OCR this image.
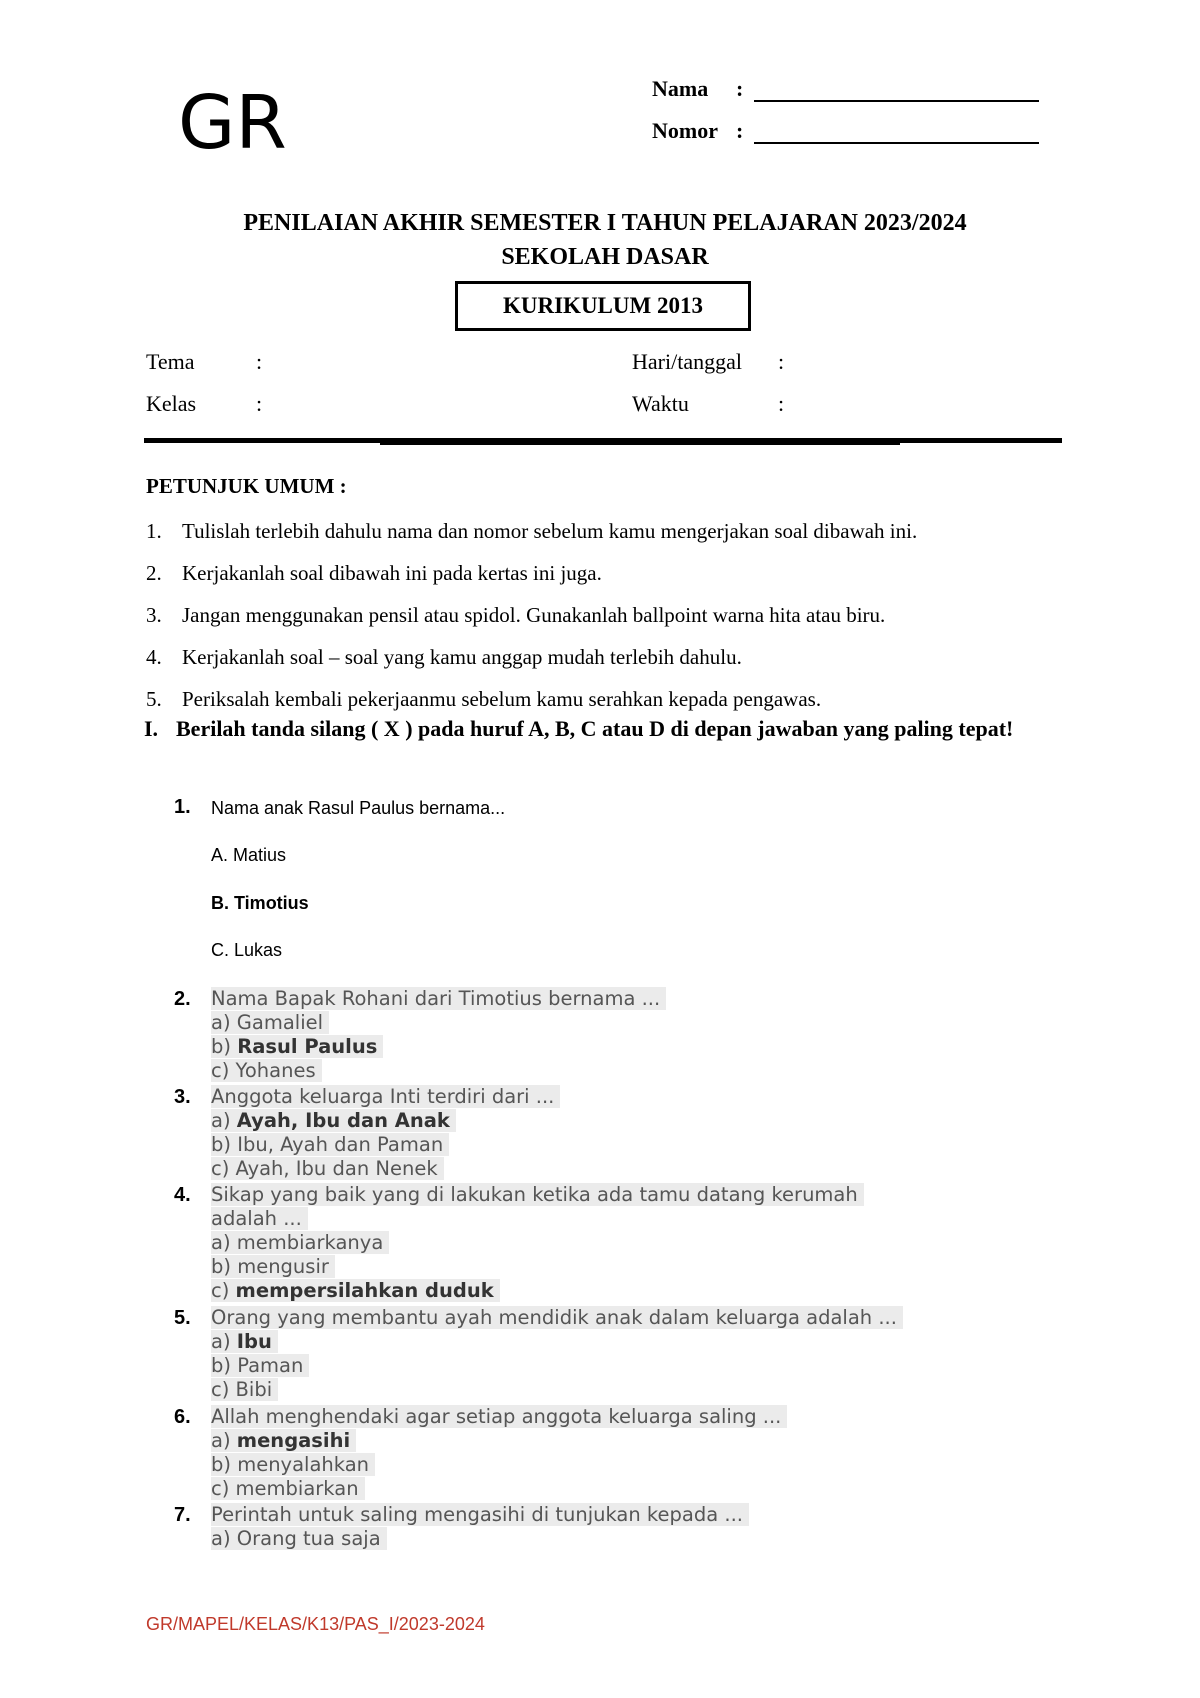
GR	Nama	:
Nomor :
PENILAIAN AKHIR SEMESTER I TAHUN PELAJARAN 2023/2024
SEKOLAH DASAR
KURIKULUM 2013
Tema	:
Kelas	:
Hari/tanggal :
Waktu	:
PETUNJUK UMUM :
1. Tulislah terlebih dahulu nama dan nomor sebelum kamu mengerjakan soal dibawah ini.
2. Kerjakanlah soal dibawah ini pada kertas ini juga.
3. Jangan menggunakan pensil atau spidol. Gunakanlah ballpoint warna hita atau biru.
4. Kerjakanlah soal – soal yang kamu anggap mudah terlebih dahulu.
5. Periksalah kembali pekerjaanmu sebelum kamu serahkan kepada pengawas.
I. Berilah tanda silang ( X ) pada huruf A, B, C atau D di depan jawaban yang paling tepat!
1. Nama anak Rasul Paulus bernama...
A. Matius
B. Timotius
C. Lukas
2. Nama Bapak Rohani dari Timotius bernama ...
a) Gamaliel
b) Rasul Paulus
c) Yohanes
3. Anggota keluarga Inti terdiri dari ...
a) Ayah, Ibu dan Anak
b) Ibu, Ayah dan Paman
c) Ayah, Ibu dan Nenek
4. Sikap yang baik yang di lakukan ketika ada tamu datang kerumah
adalah ...
a) membiarkanya
b) mengusir
c) mempersilahkan duduk
5. Orang yang membantu ayah mendidik anak dalam keluarga adalah ...
a) Ibu
b) Paman
c) Bibi
6. Allah menghendaki agar setiap anggota keluarga saling ...
a) mengasihi
b) menyalahkan
c) membiarkan
7. Perintah untuk saling mengasihi di tunjukan kepada ...
a) Orang tua saja
GR/MAPEL/KELAS/K13/PAS_I/2023-2024
